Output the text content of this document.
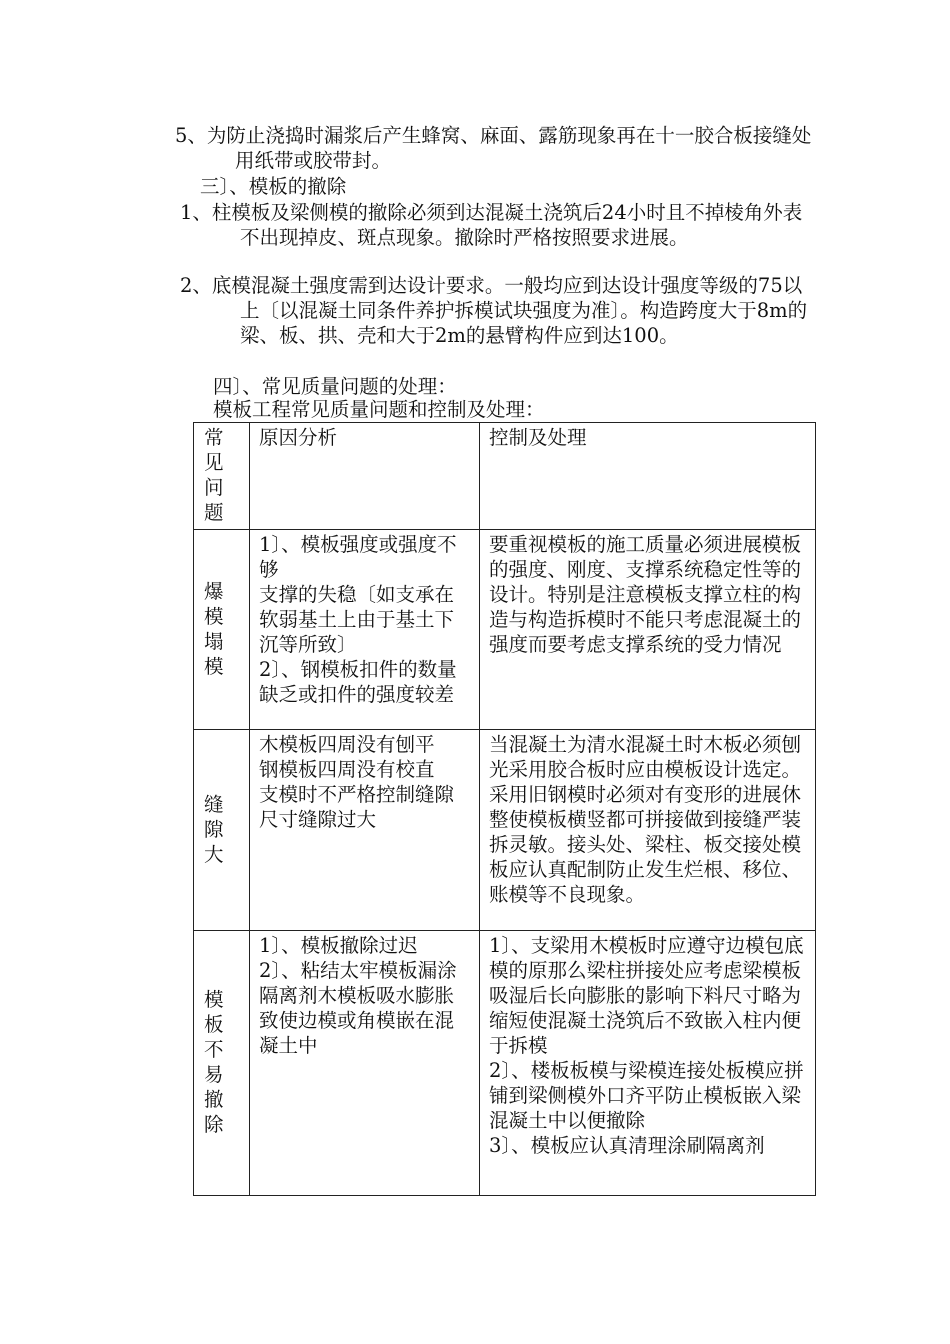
5、为防止浇捣时漏浆后产生蜂窝、麻面、露筋现象再在十一胶合板接缝处用纸带或胶带封。

三〕、模板的撤除

1、柱模板及梁侧模的撤除必须到达混凝土浇筑后24小时且不掉棱角外表不出现掉皮、斑点现象。撤除时严格按照要求进展。

2、底模混凝土强度需到达设计要求。一般均应到达设计强度等级的75以上〔以混凝土同条件养护拆模试块强度为准〕。构造跨度大于8m的梁、板、拱、壳和大于2m的悬臂构件应到达100。

四〕、常见质量问题的处理：

模板工程常见质量问题和控制及处理：

常见问题	原因分析	控制及处理

爆模塌模	1〕、模板强度或强度不够
支撑的失稳〔如支承在软弱基土上由于基土下沉等所致〕
2〕、钢模板扣件的数量缺乏或扣件的强度较差	要重视模板的施工质量必须进展模板的强度、刚度、支撑系统稳定性等的设计。特别是注意模板支撑立柱的构造与构造拆模时不能只考虑混凝土的强度而要考虑支撑系统的受力情况

缝隙大	木模板四周没有刨平
钢模板四周没有校直
支模时不严格控制缝隙尺寸缝隙过大	当混凝土为清水混凝土时木板必须刨光采用胶合板时应由模板设计选定。采用旧钢模时必须对有变形的进展休整使模板横竖都可拼接做到接缝严装拆灵敏。接头处、梁柱、板交接处模板应认真配制防止发生烂根、移位、账模等不良现象。

模板不易撤除	1〕、模板撤除过迟
2〕、粘结太牢模板漏涂隔离剂木模板吸水膨胀致使边模或角模嵌在混凝土中	1〕、支梁用木模板时应遵守边模包底模的原那么梁柱拼接处应考虑梁模板吸湿后长向膨胀的影响下料尺寸略为缩短使混凝土浇筑后不致嵌入柱内便于拆模
2〕、楼板板模与梁模连接处板模应拼铺到梁侧模外口齐平防止模板嵌入梁混凝土中以便撤除
3〕、模板应认真清理涂刷隔离剂
